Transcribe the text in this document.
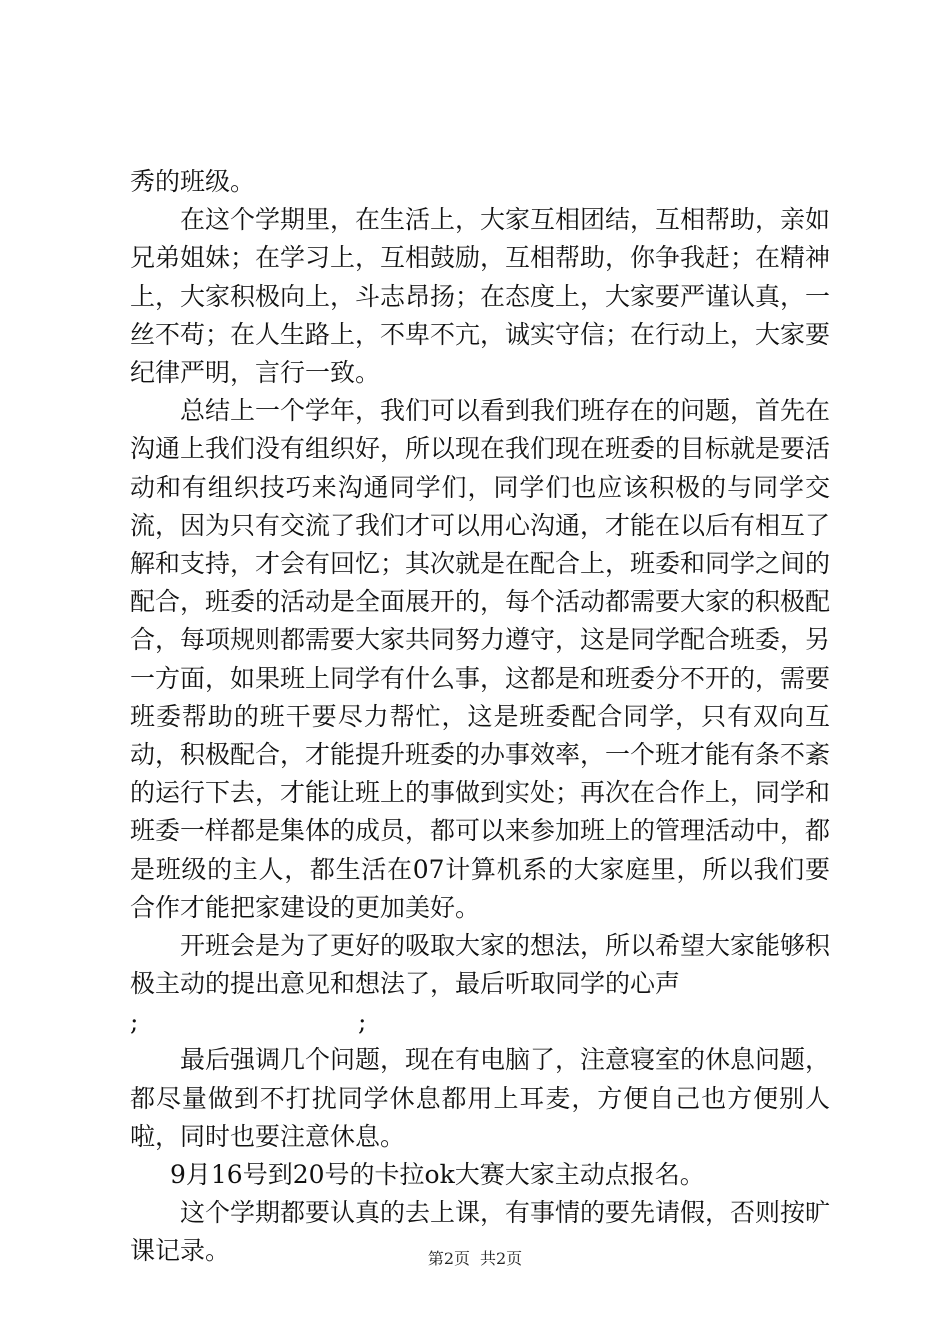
秀的班级。

在这个学期里，在生活上，大家互相团结，互相帮助，亲如兄弟姐妹；在学习上，互相鼓励，互相帮助，你争我赶；在精神上，大家积极向上，斗志昂扬；在态度上，大家要严谨认真，一丝不苟；在人生路上，不卑不亢，诚实守信；在行动上，大家要纪律严明，言行一致。

总结上一个学年，我们可以看到我们班存在的问题，首先在沟通上我们没有组织好，所以现在我们现在班委的目标就是要活动和有组织技巧来沟通同学们，同学们也应该积极的与同学交流，因为只有交流了我们才可以用心沟通，才能在以后有相互了解和支持，才会有回忆；其次就是在配合上，班委和同学之间的配合，班委的活动是全面展开的，每个活动都需要大家的积极配合，每项规则都需要大家共同努力遵守，这是同学配合班委，另一方面，如果班上同学有什么事，这都是和班委分不开的，需要班委帮助的班干要尽力帮忙，这是班委配合同学，只有双向互动，积极配合，才能提升班委的办事效率，一个班才能有条不紊的运行下去，才能让班上的事做到实处；再次在合作上，同学和班委一样都是集体的成员，都可以来参加班上的管理活动中，都是班级的主人，都生活在07计算机系的大家庭里，所以我们要合作才能把家建设的更加美好。

开班会是为了更好的吸取大家的想法，所以希望大家能够积极主动的提出意见和想法了，最后听取同学的心声

;	;

最后强调几个问题，现在有电脑了，注意寝室的休息问题，都尽量做到不打扰同学休息都用上耳麦，方便自己也方便别人啦，同时也要注意休息。

9月16号到20号的卡拉ok大赛大家主动点报名。

这个学期都要认真的去上课，有事情的要先请假，否则按旷课记录。	第2页 共2页
